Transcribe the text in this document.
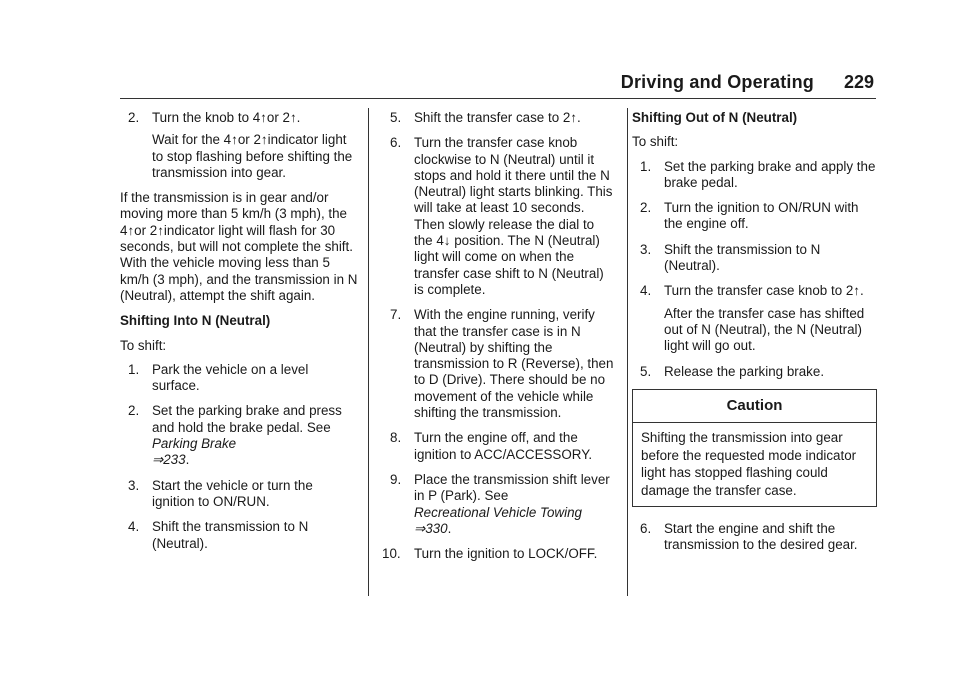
Driving and Operating 229
2. Turn the knob to 4↑or 2↑.
Wait for the 4↑or 2↑indicator light to stop flashing before shifting the transmission into gear.

If the transmission is in gear and/or moving more than 5 km/h (3 mph), the 4↑or 2↑indicator light will flash for 30 seconds, but will not complete the shift. With the vehicle moving less than 5 km/h (3 mph), and the transmission in N (Neutral), attempt the shift again.

Shifting Into N (Neutral)

To shift:

1. Park the vehicle on a level surface.
2. Set the parking brake and press and hold the brake pedal. See Parking Brake
⇒233.
3. Start the vehicle or turn the ignition to ON/RUN.
4. Shift the transmission to N (Neutral).
5. Shift the transfer case to 2↑.
6. Turn the transfer case knob clockwise to N (Neutral) until it stops and hold it there until the N (Neutral) light starts blinking. This will take at least 10 seconds. Then slowly release the dial to the 4↓ position. The N (Neutral) light will come on when the transfer case shift to N (Neutral) is complete.
7. With the engine running, verify that the transfer case is in N (Neutral) by shifting the transmission to R (Reverse), then to D (Drive). There should be no movement of the vehicle while shifting the transmission.
8. Turn the engine off, and the ignition to ACC/ACCESSORY.
9. Place the transmission shift lever in P (Park). See
Recreational Vehicle Towing
⇒330.
10. Turn the ignition to LOCK/OFF.
Shifting Out of N (Neutral)

To shift:

1. Set the parking brake and apply the brake pedal.
2. Turn the ignition to ON/RUN with the engine off.
3. Shift the transmission to N (Neutral).
4. Turn the transfer case knob to 2↑.
After the transfer case has shifted out of N (Neutral), the N (Neutral) light will go out.
5. Release the parking brake.
Caution
Shifting the transmission into gear before the requested mode indicator light has stopped flashing could damage the transfer case.
6. Start the engine and shift the transmission to the desired gear.
